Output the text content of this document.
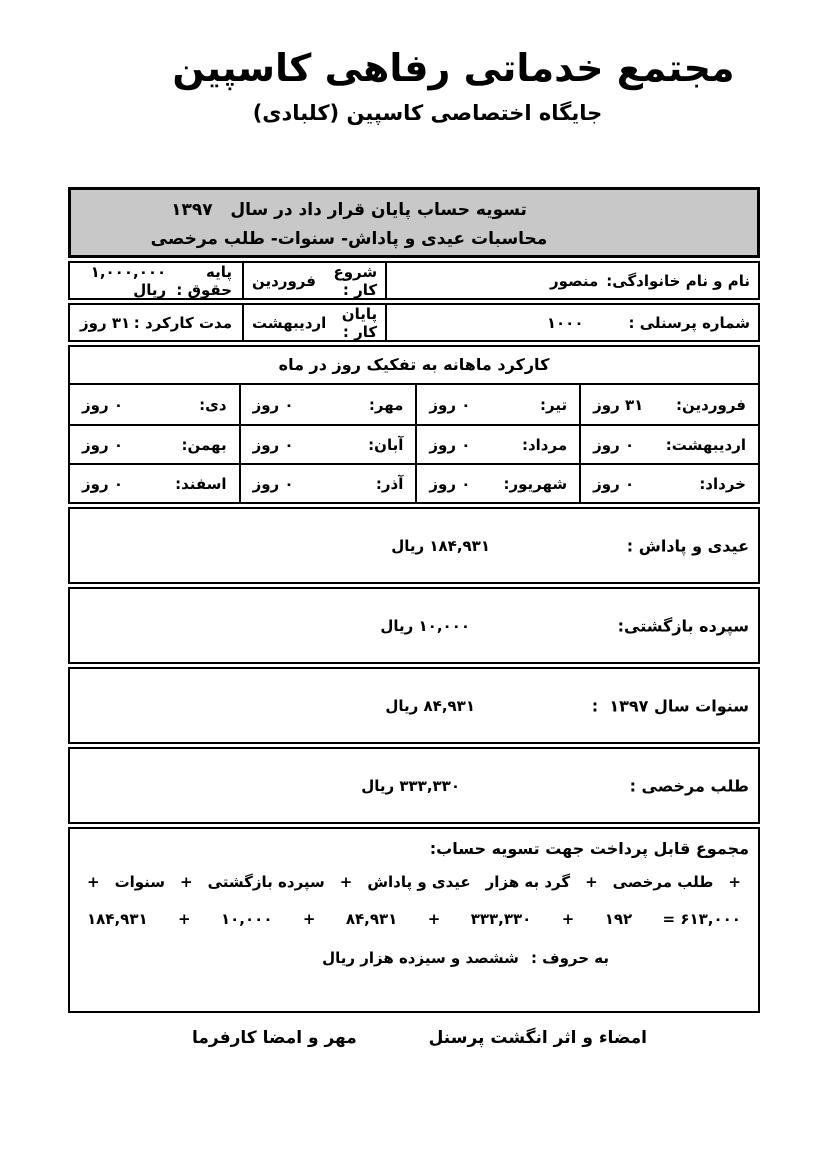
مجتمع خدماتی رفاهی کاسپین
جایگاه اختصاصی کاسپین (کلبادی)
تسویه حساب پایان قرار داد در سال   ۱۳۹۷
محاسبات عیدی و پاداش- سنوات- طلب مرخصی
نام و نام خانوادگی:
منصور
شروع کار :
فروردین
پایه حقوق :
۱,۰۰۰,۰۰۰ ریال
شماره پرسنلی :
۱۰۰۰
پایان کار :
اردیبهشت
مدت کارکرد :
۳۱ روز
کارکرد ماهانه به تفکیک روز در ماه
فروردین:
۳۱ روز
تیر:
۰ روز
مهر:
۰ روز
دی:
۰ روز
اردیبهشت:
۰ روز
مرداد:
۰ روز
آبان:
۰ روز
بهمن:
۰ روز
خرداد:
۰ روز
شهریور:
۰ روز
آذر:
۰ روز
اسفند:
۰ روز
عیدی و پاداش :
۱۸۴,۹۳۱ ریال
سپرده بازگشتی:
۱۰,۰۰۰ ریال
سنوات سال ۱۳۹۷  :
۸۴,۹۳۱ ریال
طلب مرخصی :
۳۳۳,۳۳۰ ریال
مجموع قابل پرداخت جهت تسویه حساب:
+ سنوات + سپرده بازگشتی + عیدی و پاداش گرد به هزار + طلب مرخصی +
۱۸۴,۹۳۱ + ۱۰,۰۰۰ + ۸۴,۹۳۱ + ۳۳۳,۳۳۰ + ۱۹۲ = ۶۱۳,۰۰۰
به حروف :
ششصد و سیزده هزار ریال
امضاء و اثر انگشت پرسنل
مهر و امضا کارفرما
